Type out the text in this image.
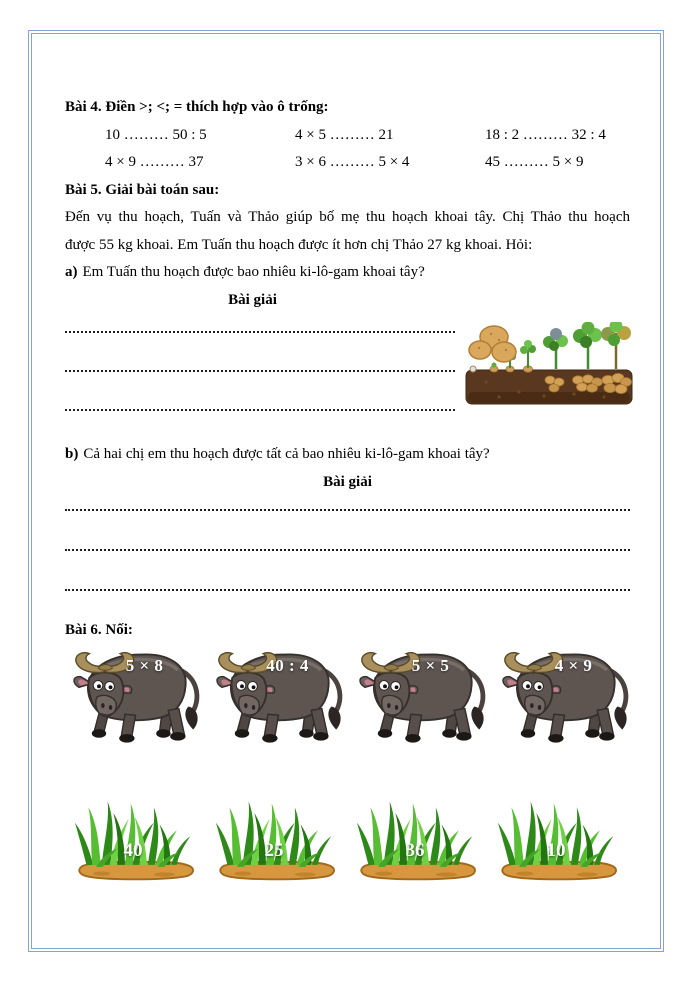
Bài 4. Điền >; <; = thích hợp vào ô trống:
10 ……… 50 : 5	4 × 5 ……… 21	18 : 2 ……… 32 : 4
4 × 9 ……… 37	3 × 6 ……… 5 × 4	45 ……… 5 × 9
Bài 5. Giải bài toán sau:
Đến vụ thu hoạch, Tuấn và Thảo giúp bố mẹ thu hoạch khoai tây. Chị Thảo thu hoạch
được 55 kg khoai. Em Tuấn thu hoạch được ít hơn chị Thảo 27 kg khoai. Hỏi:
a) Em Tuấn thu hoạch được bao nhiêu ki-lô-gam khoai tây?
Bài giải
b) Cả hai chị em thu hoạch được tất cả bao nhiêu ki-lô-gam khoai tây?
Bài giải
Bài 6. Nối:
5 × 8	40 : 4	5 × 5	4 × 9
40	25	36	10
